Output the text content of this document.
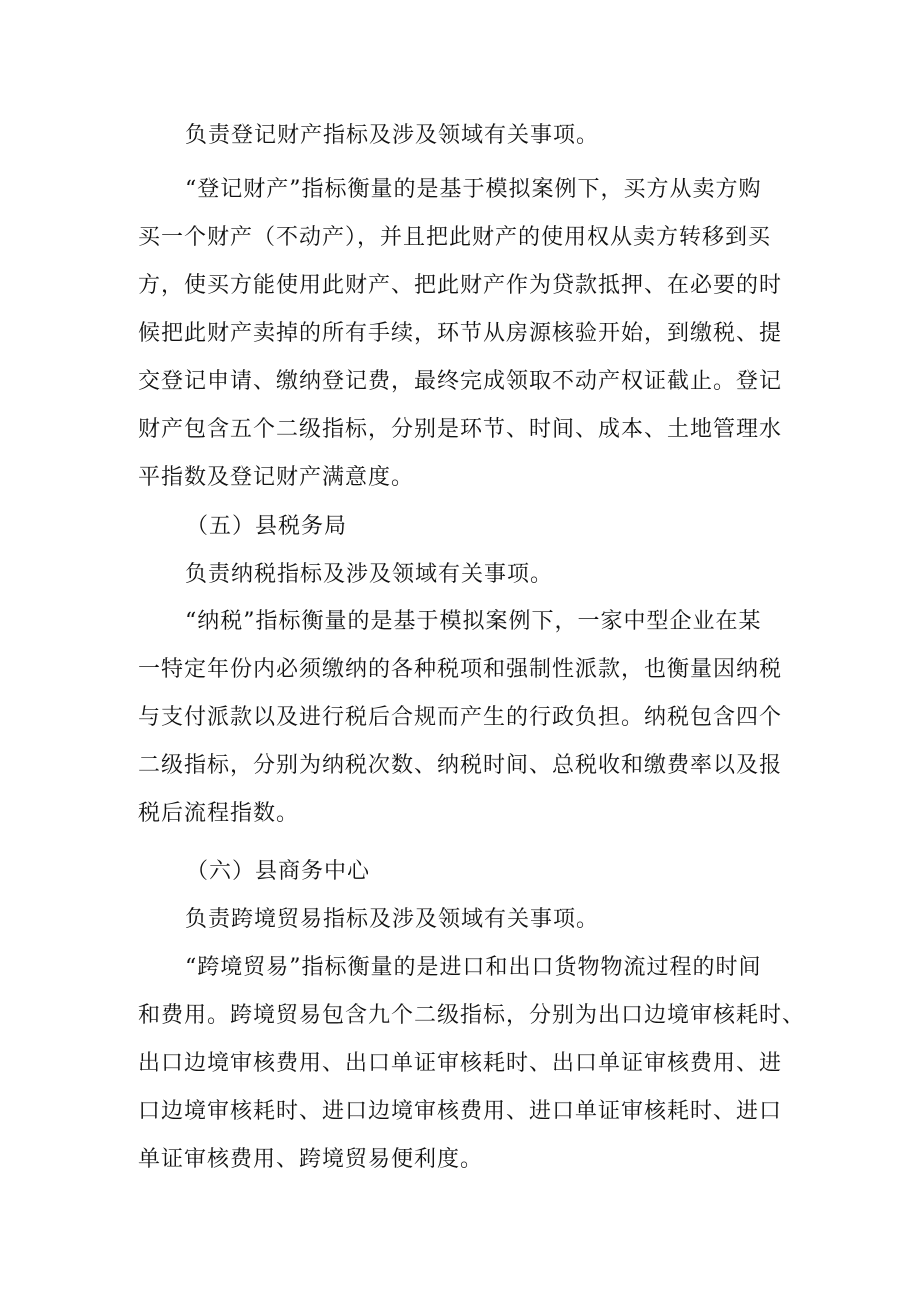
负责登记财产指标及涉及领域有关事项。
“登记财产”指标衡量的是基于模拟案例下，买方从卖方购
买一个财产（不动产），并且把此财产的使用权从卖方转移到买
方，使买方能使用此财产、把此财产作为贷款抵押、在必要的时
候把此财产卖掉的所有手续，环节从房源核验开始，到缴税、提
交登记申请、缴纳登记费，最终完成领取不动产权证截止。登记
财产包含五个二级指标，分别是环节、时间、成本、土地管理水
平指数及登记财产满意度。
（五）县税务局
负责纳税指标及涉及领域有关事项。
“纳税”指标衡量的是基于模拟案例下，一家中型企业在某
一特定年份内必须缴纳的各种税项和强制性派款，也衡量因纳税
与支付派款以及进行税后合规而产生的行政负担。纳税包含四个
二级指标，分别为纳税次数、纳税时间、总税收和缴费率以及报
税后流程指数。
（六）县商务中心
负责跨境贸易指标及涉及领域有关事项。
“跨境贸易”指标衡量的是进口和出口货物物流过程的时间
和费用。跨境贸易包含九个二级指标，分别为出口边境审核耗时、
出口边境审核费用、出口单证审核耗时、出口单证审核费用、进
口边境审核耗时、进口边境审核费用、进口单证审核耗时、进口
单证审核费用、跨境贸易便利度。
